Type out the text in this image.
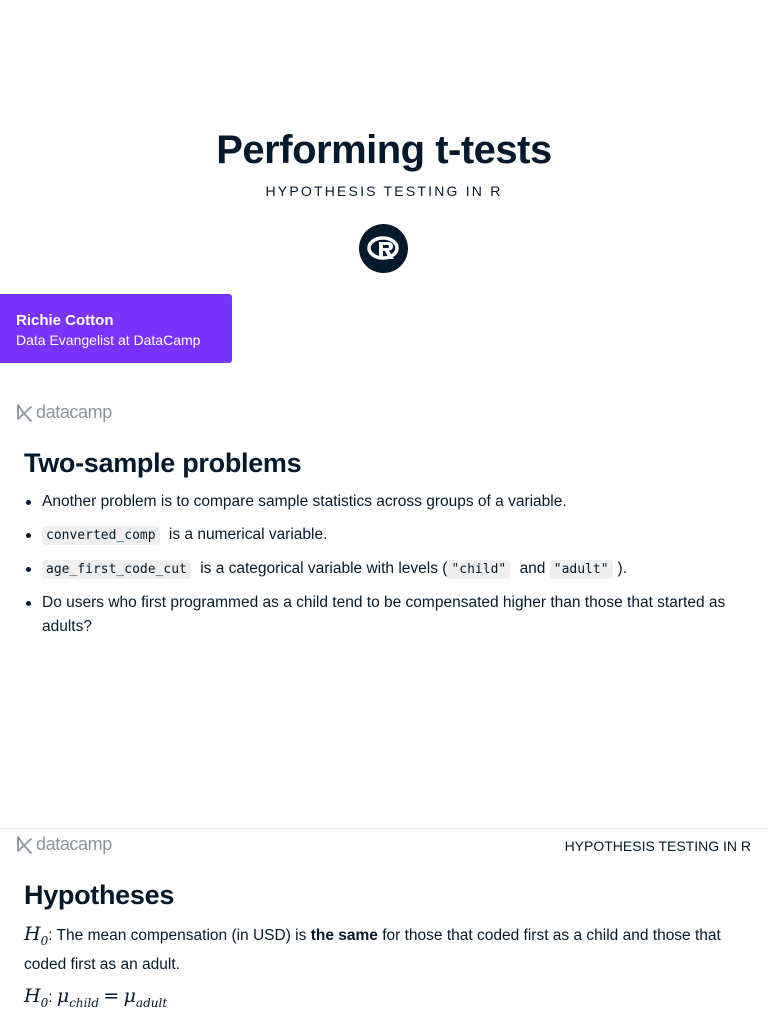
Performing t-tests
HYPOTHESIS TESTING IN R
Richie Cotton
Data Evangelist at DataCamp
datacamp
Two-sample problems
Another problem is to compare sample statistics across groups of a variable.
converted_comp is a numerical variable.
age_first_code_cut is a categorical variable with levels ( "child" and "adult" ).
Do users who first programmed as a child tend to be compensated higher than those that started as adults?
datacamp	HYPOTHESIS TESTING IN R
Hypotheses
$H_0$: The mean compensation (in USD) is the same for those that coded first as a child and those that coded first as an adult.
$H_0$: $\mu_{child} = \mu_{adult}$
